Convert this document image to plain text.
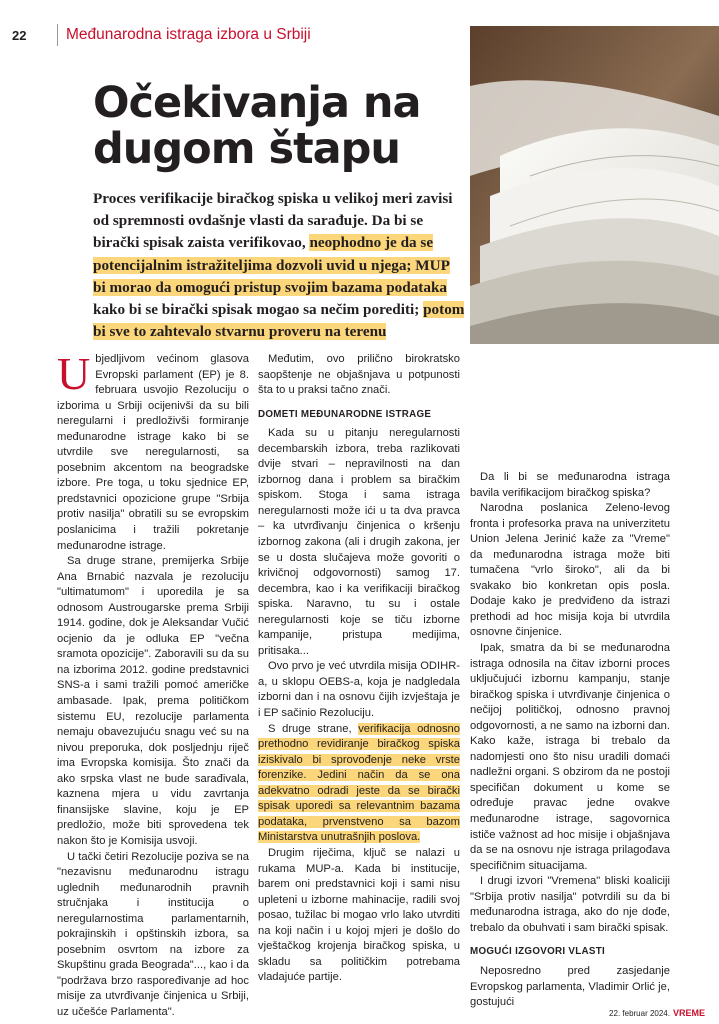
22	Međunarodna istraga izbora u Srbiji
Očekivanja na dugom štapu
Proces verifikacije biračkog spiska u velikoj meri zavisi od spremnosti ovdašnje vlasti da sarađuje. Da bi se birački spisak zaista verifikovao, neophodno je da se potencijalnim istražiteljima dozvoli uvid u njega; MUP bi morao da omogući pristup svojim bazama podataka kako bi se birački spisak mogao sa nečim porediti; potom bi sve to zahtevalo stvarnu proveru na terenu

Ubjedljivom većinom glasova Evropski parlament (EP) je 8. februara usvojio Rezoluciju o izborima u Srbiji ocijenivši da su bili neregularni i predloživši formiranje međunarodne istrage kako bi se utvrdile sve neregularnosti, sa posebnim akcentom na beogradske izbore. Pre toga, u toku sjednice EP, predstavnici opozicione grupe "Srbija protiv nasilja" obratili su se evropskim poslanicima i tražili pokretanje međunarodne istrage.

Sa druge strane, premijerka Srbije Ana Brnabić nazvala je rezoluciju "ultimatumom" i uporedila je sa odnosom Austrougarske prema Srbiji 1914. godine, dok je Aleksandar Vučić ocjenio da je odluka EP "večna sramota opozicije". Zaboravili su da su na izborima 2012. godine predstavnici SNS-a i sami tražili pomoć američke ambasade. Ipak, prema političkom sistemu EU, rezolucije parlamenta nemaju obavezujuću snagu već su na nivou preporuka, dok posljednju riječ ima Evropska komisija. Što znači da ako srpska vlast ne bude sarađivala, kaznena mjera u vidu zavrtanja finansijske slavine, koju je EP predložio, može biti sprovedena tek nakon što je Komisija usvoji.

U tački četiri Rezolucije poziva se na "nezavisnu međunarodnu istragu uglednih međunarodnih pravnih stručnjaka i institucija o neregularnostima parlamentarnih, pokrajinskih i opštinskih izbora, sa posebnim osvrtom na izbore za Skupštinu grada Beograda"..., kao i da "podržava brzo raspoređivanje ad hoc misije za utvrđivanje činjenica u Srbiji, uz učešće Parlamenta".

Međutim, ovo prilično birokratsko saopštenje ne objašnjava u potpunosti šta to u praksi tačno znači.

DOMETI MEĐUNARODNE ISTRAGE

Kada su u pitanju neregularnosti decembarskih izbora, treba razlikovati dvije stvari – nepravilnosti na dan izbornog dana i problem sa biračkim spiskom. Stoga i sama istraga neregularnosti može ići u ta dva pravca – ka utvrđivanju činjenica o kršenju izbornog zakona (ali i drugih zakona, jer se u dosta slučajeva može govoriti o krivičnoj odgovornosti) samog 17. decembra, kao i ka verifikaciji biračkog spiska. Naravno, tu su i ostale neregularnosti koje se tiču izborne kampanije, pristupa medijima, pritisaka...

Ovo prvo je već utvrdila misija ODIHR-a, u sklopu OEBS-a, koja je nadgledala izborni dan i na osnovu čijih izvještaja je i EP sačinio Rezoluciju.

S druge strane, verifikacija odnosno prethodno revidiranje biračkog spiska iziskivalo bi sprovođenje neke vrste forenzike. Jedini način da se ona adekvatno odradi jeste da se birački spisak uporedi sa relevantnim bazama podataka, prvenstveno sa bazom Ministarstva unutrašnjih poslova.

Drugim riječima, ključ se nalazi u rukama MUP-a. Kada bi institucije, barem oni predstavnici koji i sami nisu upleteni u izborne mahinacije, radili svoj posao, tužilac bi mogao vrlo lako utvrditi na koji način i u kojoj mjeri je došlo do vještačkog krojenja biračkog spiska, u skladu sa političkim potrebama vladajuće partije.

Da li bi se međunarodna istraga bavila verifikacijom biračkog spiska?

Narodna poslanica Zeleno-levog fronta i profesorka prava na univerzitetu Union Jelena Jerinić kaže za "Vreme" da međunarodna istraga može biti tumačena "vrlo široko", ali da bi svakako bio konkretan opis posla. Dodaje kako je predviđeno da istrazi prethodi ad hoc misija koja bi utvrdila osnovne činjenice.

Ipak, smatra da bi se međunarodna istraga odnosila na čitav izborni proces uključujući izbornu kampanju, stanje biračkog spiska i utvrđivanje činjenica o nečijoj političkoj, odnosno pravnoj odgovornosti, a ne samo na izborni dan. Kako kaže, istraga bi trebalo da nadomjesti ono što nisu uradili domaći nadležni organi. S obzirom da ne postoji specifičan dokument u kome se određuje pravac jedne ovakve međunarodne istrage, sagovornica ističe važnost ad hoc misije i objašnjava da se na osnovu nje istraga prilagođava specifičnim situacijama.

I drugi izvori "Vremena" bliski koaliciji "Srbija protiv nasilja" potvrdili su da bi međunarodna istraga, ako do nje dođe, trebalo da obuhvati i sam birački spisak.

MOGUĆI IZGOVORI VLASTI

Neposredno pred zasjedanje Evropskog parlamenta, Vladimir Orlić je, gostujući

22. februar 2024. VREME
